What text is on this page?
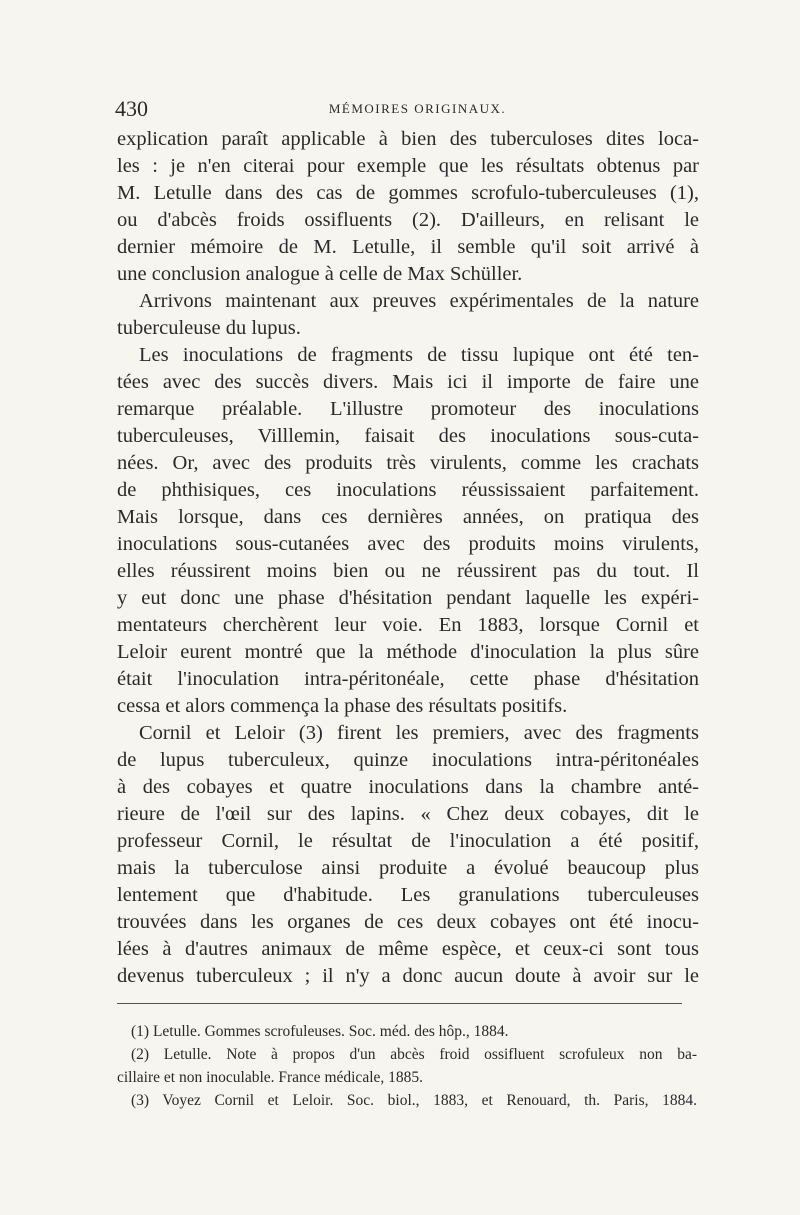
430	MÉMOIRES ORIGINAUX.
explication paraît applicable à bien des tuberculoses dites loca-
les : je n'en citerai pour exemple que les résultats obtenus par
M. Letulle dans des cas de gommes scrofulo-tuberculeuses (1),
ou d'abcès froids ossifluents (2). D'ailleurs, en relisant le
dernier mémoire de M. Letulle, il semble qu'il soit arrivé à
une conclusion analogue à celle de Max Schüller.
Arrivons maintenant aux preuves expérimentales de la nature
tuberculeuse du lupus.
Les inoculations de fragments de tissu lupique ont été ten-
tées avec des succès divers. Mais ici il importe de faire une
remarque préalable. L'illustre promoteur des inoculations
tuberculeuses, Villlemin, faisait des inoculations sous-cuta-
nées. Or, avec des produits très virulents, comme les crachats
de phthisiques, ces inoculations réussissaient parfaitement.
Mais lorsque, dans ces dernières années, on pratiqua des
inoculations sous-cutanées avec des produits moins virulents,
elles réussirent moins bien ou ne réussirent pas du tout. Il
y eut donc une phase d'hésitation pendant laquelle les expéri-
mentateurs cherchèrent leur voie. En 1883, lorsque Cornil et
Leloir eurent montré que la méthode d'inoculation la plus sûre
était l'inoculation intra-péritonéale, cette phase d'hésitation
cessa et alors commença la phase des résultats positifs.
Cornil et Leloir (3) firent les premiers, avec des fragments
de lupus tuberculeux, quinze inoculations intra-péritonéales
à des cobayes et quatre inoculations dans la chambre anté-
rieure de l'œil sur des lapins. « Chez deux cobayes, dit le
professeur Cornil, le résultat de l'inoculation a été positif,
mais la tuberculose ainsi produite a évolué beaucoup plus
lentement que d'habitude. Les granulations tuberculeuses
trouvées dans les organes de ces deux cobayes ont été inocu-
lées à d'autres animaux de même espèce, et ceux-ci sont tous
devenus tuberculeux ; il n'y a donc aucun doute à avoir sur le
(1) Letulle. Gommes scrofuleuses. Soc. méd. des hôp., 1884.
(2) Letulle. Note à propos d'un abcès froid ossifluent scrofuleux non ba-
cillaire et non inoculable. France médicale, 1885.
(3) Voyez Cornil et Leloir. Soc. biol., 1883, et Renouard, th. Paris, 1884.
